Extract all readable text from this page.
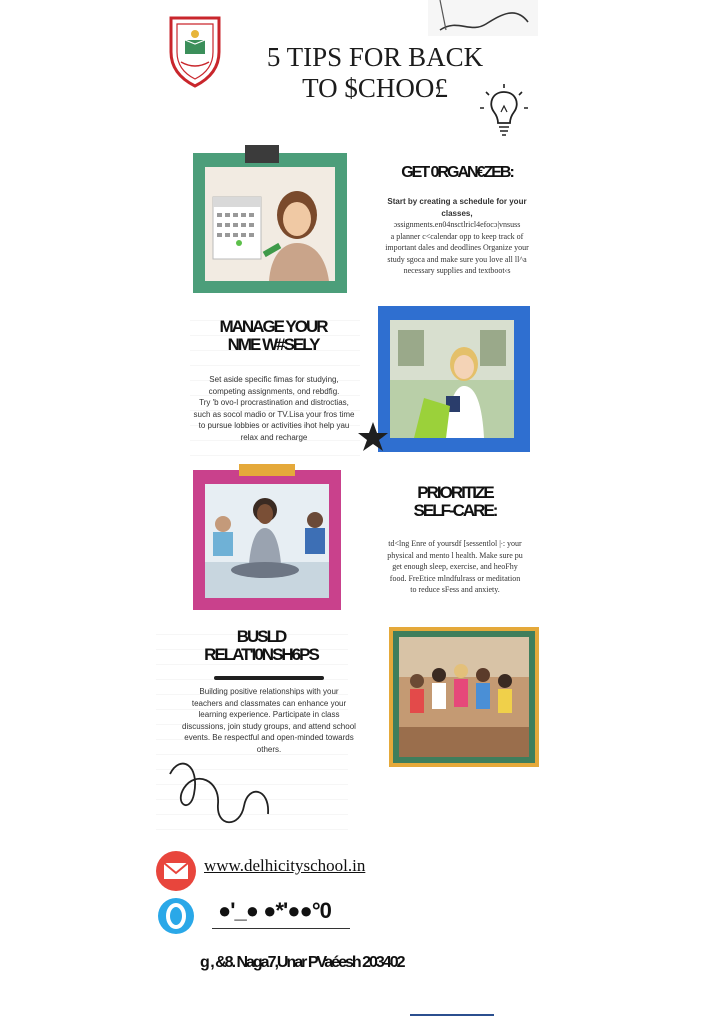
5 TIPS FOR BACK
TO $CHOO£
GET 0RGAN€ZEB:
Start by creating a schedule for your classes,
ɔssignments.en04nsctlricl4efocɔ|vnsuss
a planner c<calendar opp to keep track of
important dales and deodlines Organize your
study sgoca and make sure you love all ll^a
necessary supplies and textboot‹s
MANAGE YOUR
NME W#SELY
Set aside specific fimas for studying,
competing assignments, ond rebdfig.
Try 'b ovo-l procrastination and distroctias,
such as socol madio or TV.Lisa your fros time
to pursue lobbies or activities ihot help yau
relax and recharge
PRIORITIZE
SELF-CARE:
td<lng Enre of yoursdf [sessentlol |∙: your
physical and mento l health. Make sure pu
get enough sleep, exercise, and heoFhy
food. FreEtice mlndfulrass or meditation
to reduce sFess and anxiety.
BUSLD
RELAT'I0NSH6PS
Building positive relationships with your
teachers and classmates can enhance your
learning experience. Participate in class
discussions, join study groups, and attend school
events. Be respectful and open-minded towards
others.
www.delhicityschool.in
●'_● ●*'●●°0
g , &8. Naga7,Unar PVaéesh 203402
